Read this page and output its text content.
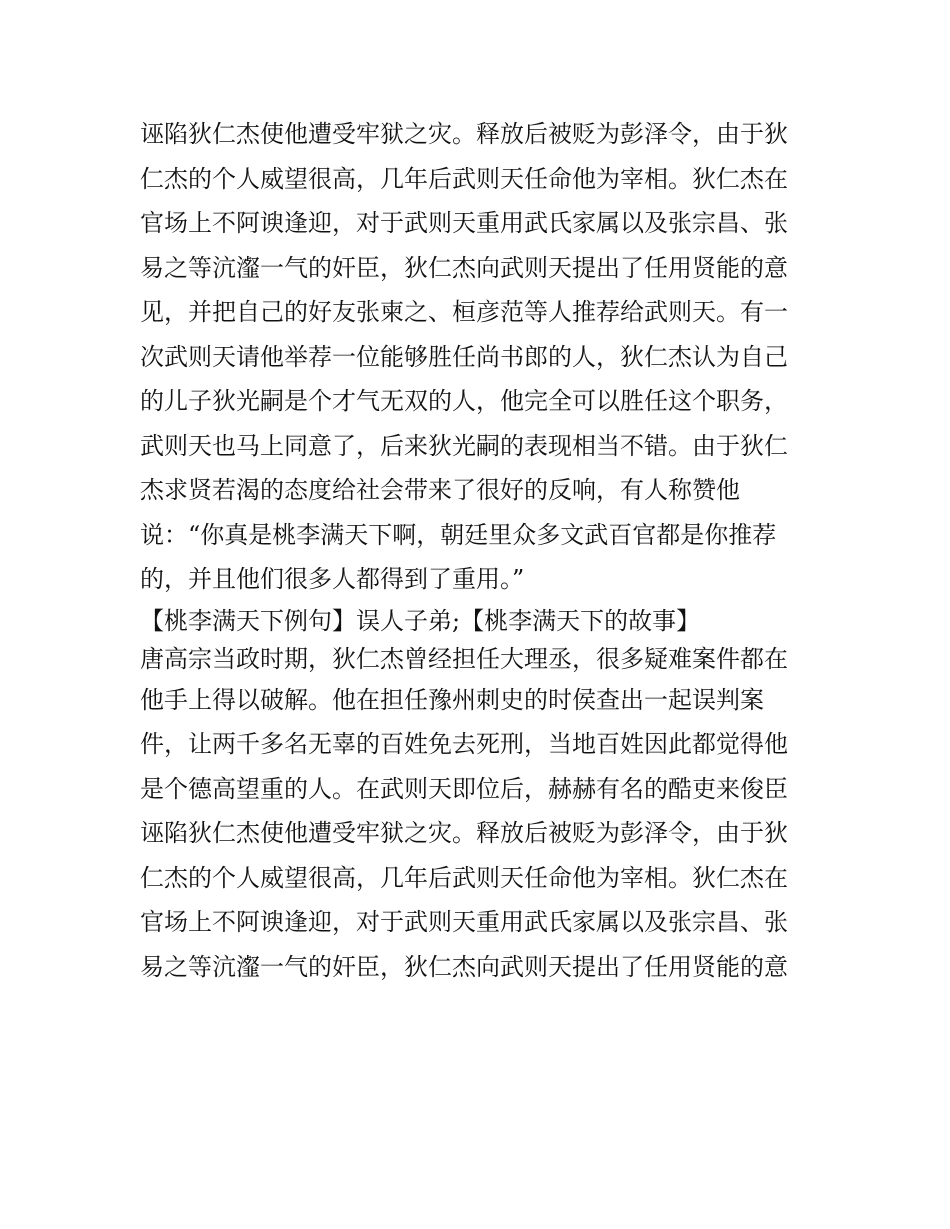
诬陷狄仁杰使他遭受牢狱之灾。释放后被贬为彭泽令，由于狄
仁杰的个人威望很高，几年后武则天任命他为宰相。狄仁杰在
官场上不阿谀逢迎，对于武则天重用武氏家属以及张宗昌、张
易之等沆瀣一气的奸臣，狄仁杰向武则天提出了任用贤能的意
见，并把自己的好友张柬之、桓彦范等人推荐给武则天。有一
次武则天请他举荐一位能够胜任尚书郎的人，狄仁杰认为自己
的儿子狄光嗣是个才气无双的人，他完全可以胜任这个职务，
武则天也马上同意了，后来狄光嗣的表现相当不错。由于狄仁
杰求贤若渴的态度给社会带来了很好的反响，有人称赞他
说：“你真是桃李满天下啊，朝廷里众多文武百官都是你推荐
的，并且他们很多人都得到了重用。”
【桃李满天下例句】误人子弟;【桃李满天下的故事】
唐高宗当政时期，狄仁杰曾经担任大理丞，很多疑难案件都在
他手上得以破解。他在担任豫州刺史的时侯查出一起误判案
件，让两千多名无辜的百姓免去死刑，当地百姓因此都觉得他
是个德高望重的人。在武则天即位后，赫赫有名的酷吏来俊臣
诬陷狄仁杰使他遭受牢狱之灾。释放后被贬为彭泽令，由于狄
仁杰的个人威望很高，几年后武则天任命他为宰相。狄仁杰在
官场上不阿谀逢迎，对于武则天重用武氏家属以及张宗昌、张
易之等沆瀣一气的奸臣，狄仁杰向武则天提出了任用贤能的意
